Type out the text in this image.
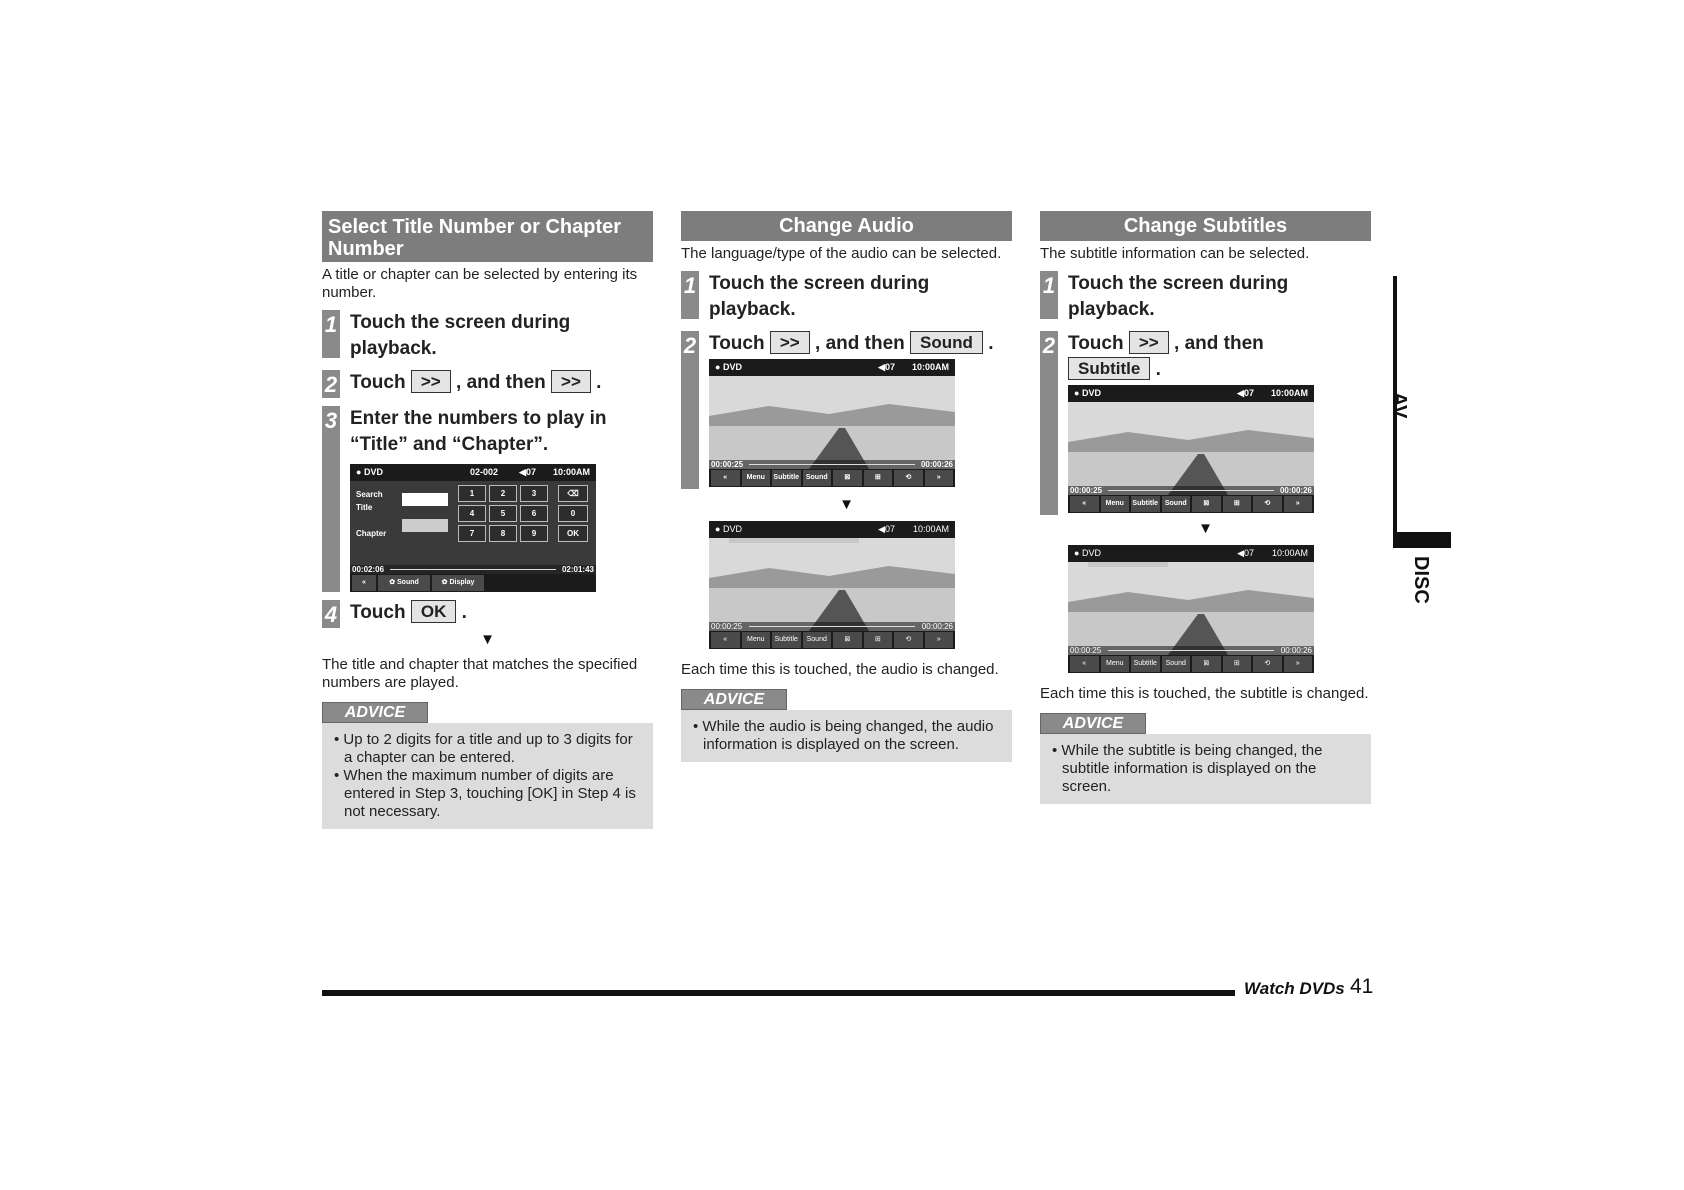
Select Title Number or Chapter Number
A title or chapter can be selected by entering its number.
1 Touch the screen during playback.
2 Touch >> , and then >> .
3 Enter the numbers to play in “Title” and “Chapter”.
● DVD	02-002 ◀07 10:00AM
Search
Title
Chapter
1	2	3	⌫
4	5	6	0
7	8	9	OK
00:02:06	02:01:43
«	✿ Sound	✿ Display
4 Touch OK .
▼
The title and chapter that matches the specified numbers are played.
ADVICE
• Up to 2 digits for a title and up to 3 digits for a chapter can be entered.
• When the maximum number of digits are entered in Step 3, touching [OK] in Step 4 is not necessary.
Change Audio
The language/type of the audio can be selected.
1 Touch the screen during playback.
2 Touch >> , and then Sound .
● DVD	◀07 10:00AM
00:00:25	00:00:26
«	Menu	Subtitle Sound	⊠	⊞	⟲	»
▼
● DVD	◀07 10:00AM
00:00:25	00:00:26
«	Menu	Subtitle	Sound	⊠	⊞	⟲	»
Each time this is touched, the audio is changed.
ADVICE
• While the audio is being changed, the audio information is displayed on the screen.
Change Subtitles
The subtitle information can be selected.
1 Touch the screen during playback.
2 Touch >> , and then
Subtitle .
● DVD	◀07 10:00AM
00:00:25	00:00:26
«	Menu	Subtitle Sound	⊠	⊞	⟲	»
▼
● DVD	◀07 10:00AM
00:00:25	00:00:26
«	Menu	Subtitle	Sound	⊠	⊞	⟲	»
Each time this is touched, the subtitle is changed.
ADVICE
• While the subtitle is being changed, the subtitle information is displayed on the screen.
AV
DISC
Watch DVDs 41
